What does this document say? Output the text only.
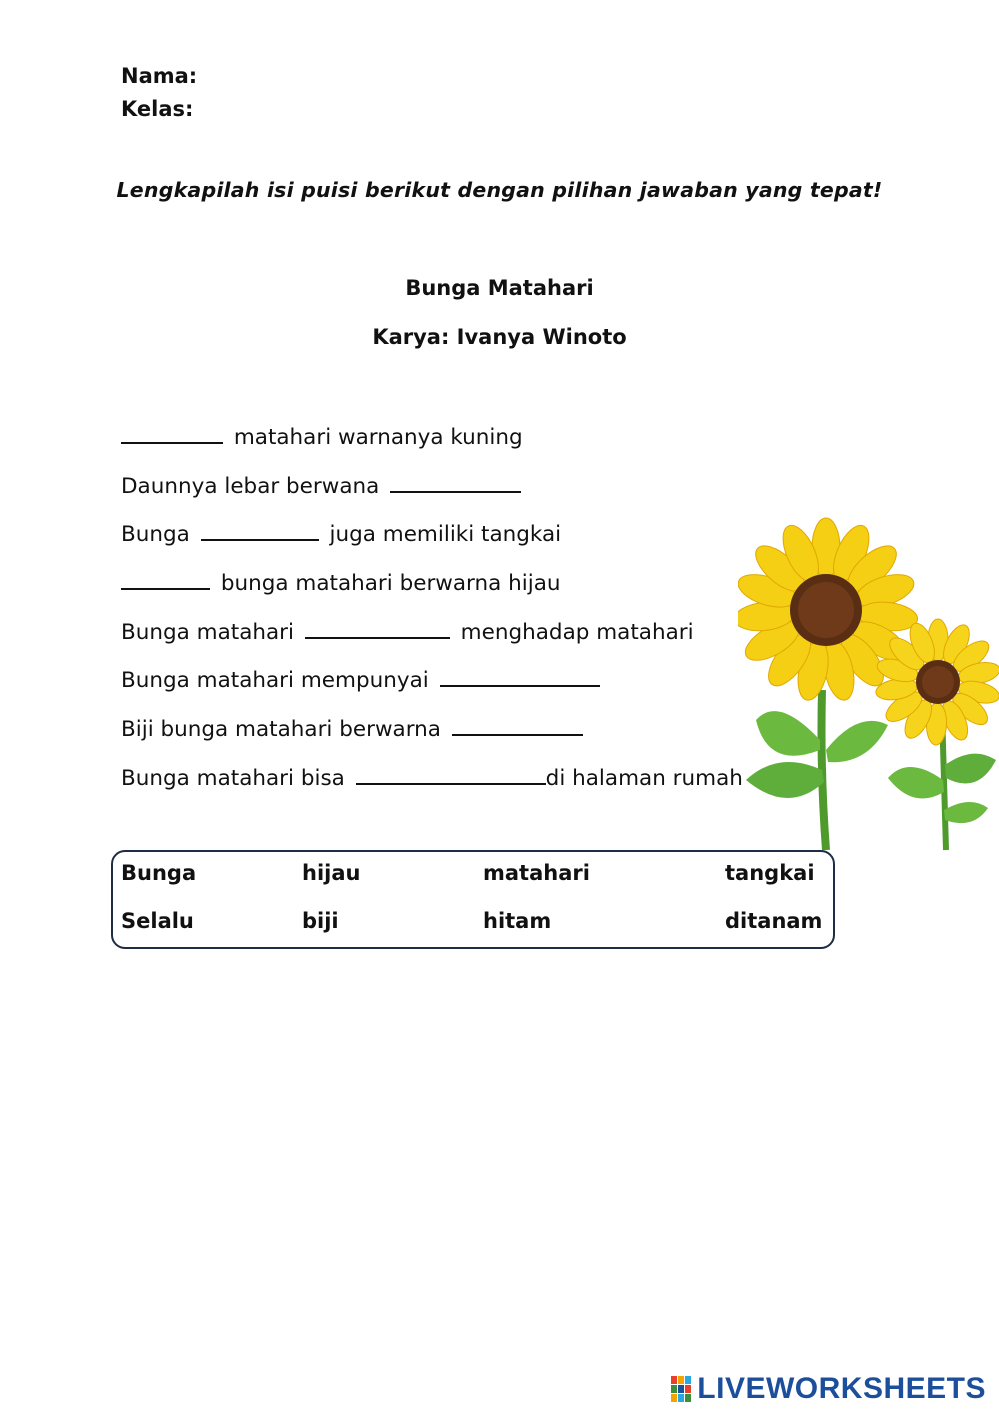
Nama:
Kelas:
Lengkapilah isi puisi berikut dengan pilihan jawaban yang tepat!
Bunga Matahari
Karya: Ivanya Winoto
matahari warnanya kuning
Daunnya lebar berwana
Bunga	juga memiliki tangkai
bunga matahari berwarna hijau
Bunga matahari	menghadap matahari
Bunga matahari mempunyai
Biji bunga matahari berwarna
Bunga matahari bisa	di halaman rumah
Bunga	hijau	matahari	tangkai
Selalu	biji	hitam	ditanam
LIVEWORKSHEETS
